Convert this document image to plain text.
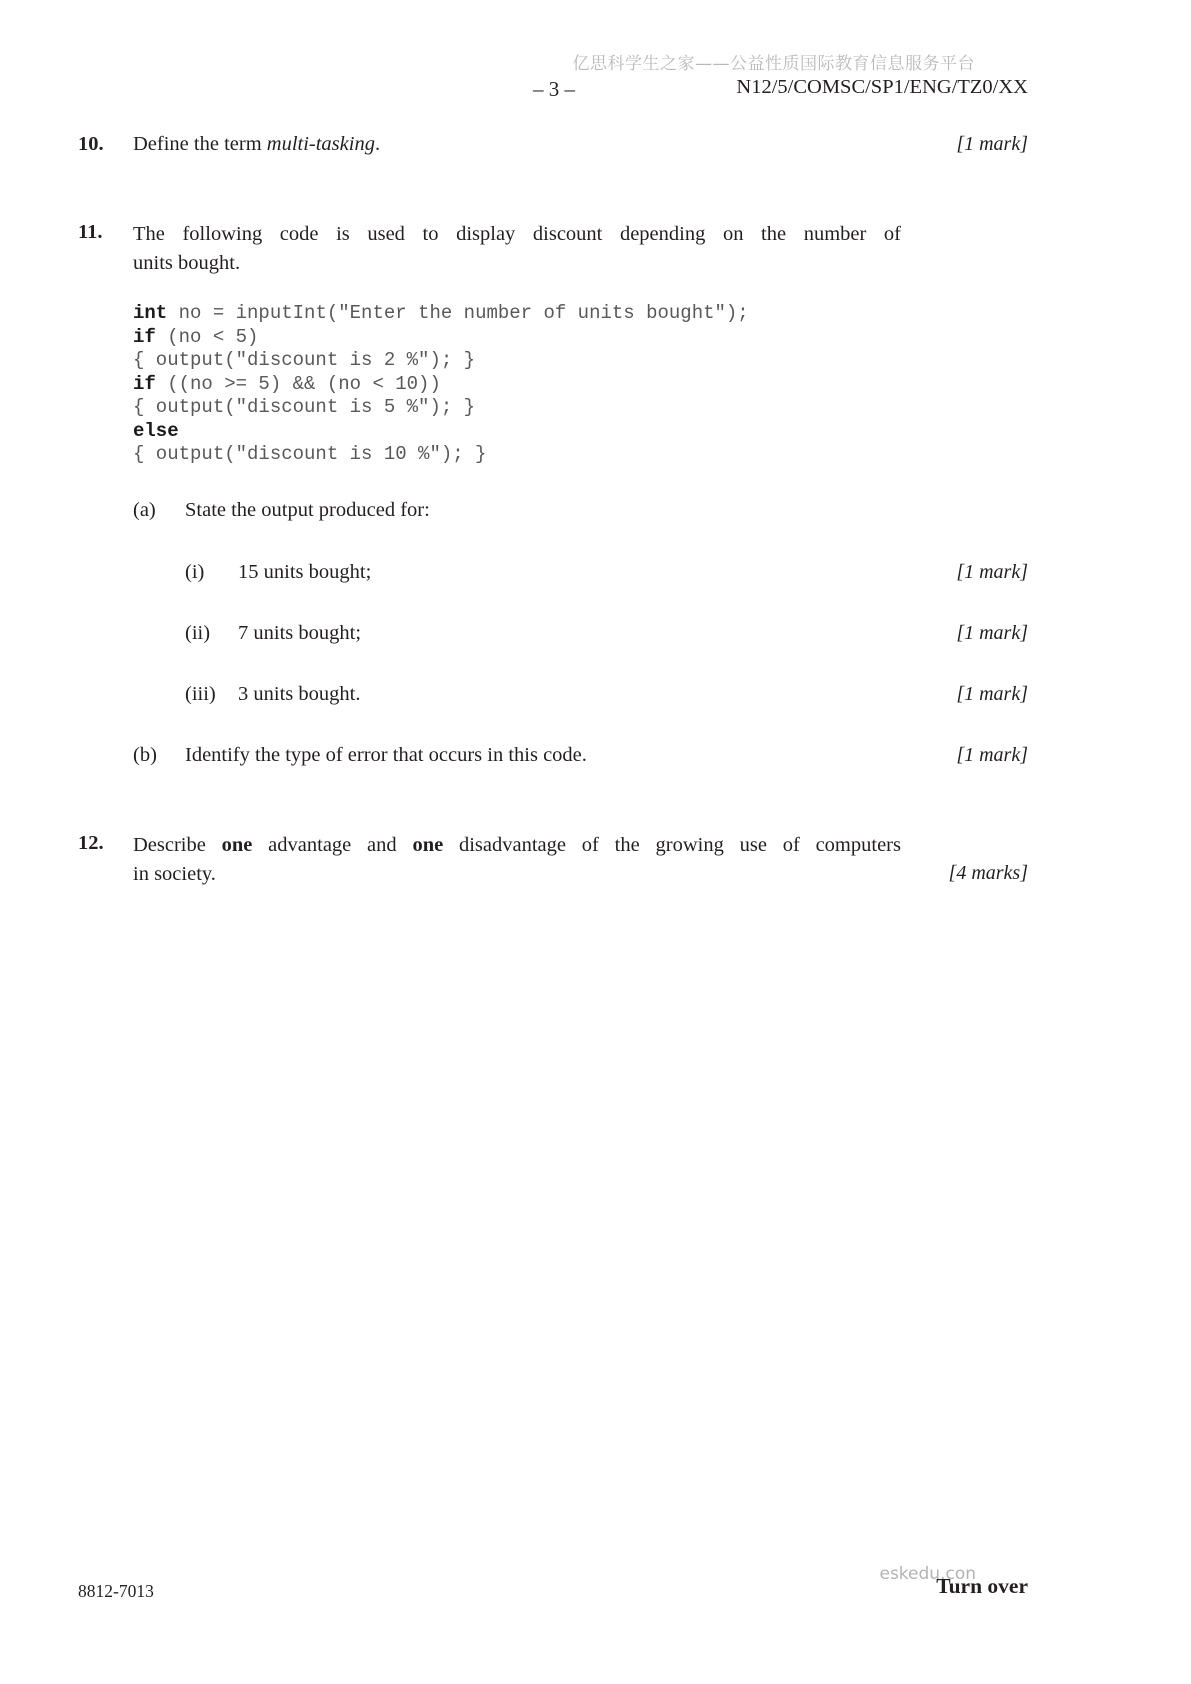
亿思科学生之家——公益性质国际教育信息服务平台
– 3 –	N12/5/COMSC/SP1/ENG/TZ0/XX
10.	Define the term multi-tasking.	[1 mark]
11.	The following code is used to display discount depending on the number of
units bought.
int no = inputInt("Enter the number of units bought");
if (no < 5)
{ output("discount is 2 %"); }
if ((no >= 5) && (no < 10))
{ output("discount is 5 %"); }
else
{ output("discount is 10 %"); }
(a)	State the output produced for:
(i)	15 units bought;	[1 mark]
(ii)	7 units bought;	[1 mark]
(iii)	3 units bought.	[1 mark]
(b)	Identify the type of error that occurs in this code.	[1 mark]
12.	Describe one advantage and one disadvantage of the growing use of computers
in society.	[4 marks]
8812-7013
eskedu.con
Turn over
